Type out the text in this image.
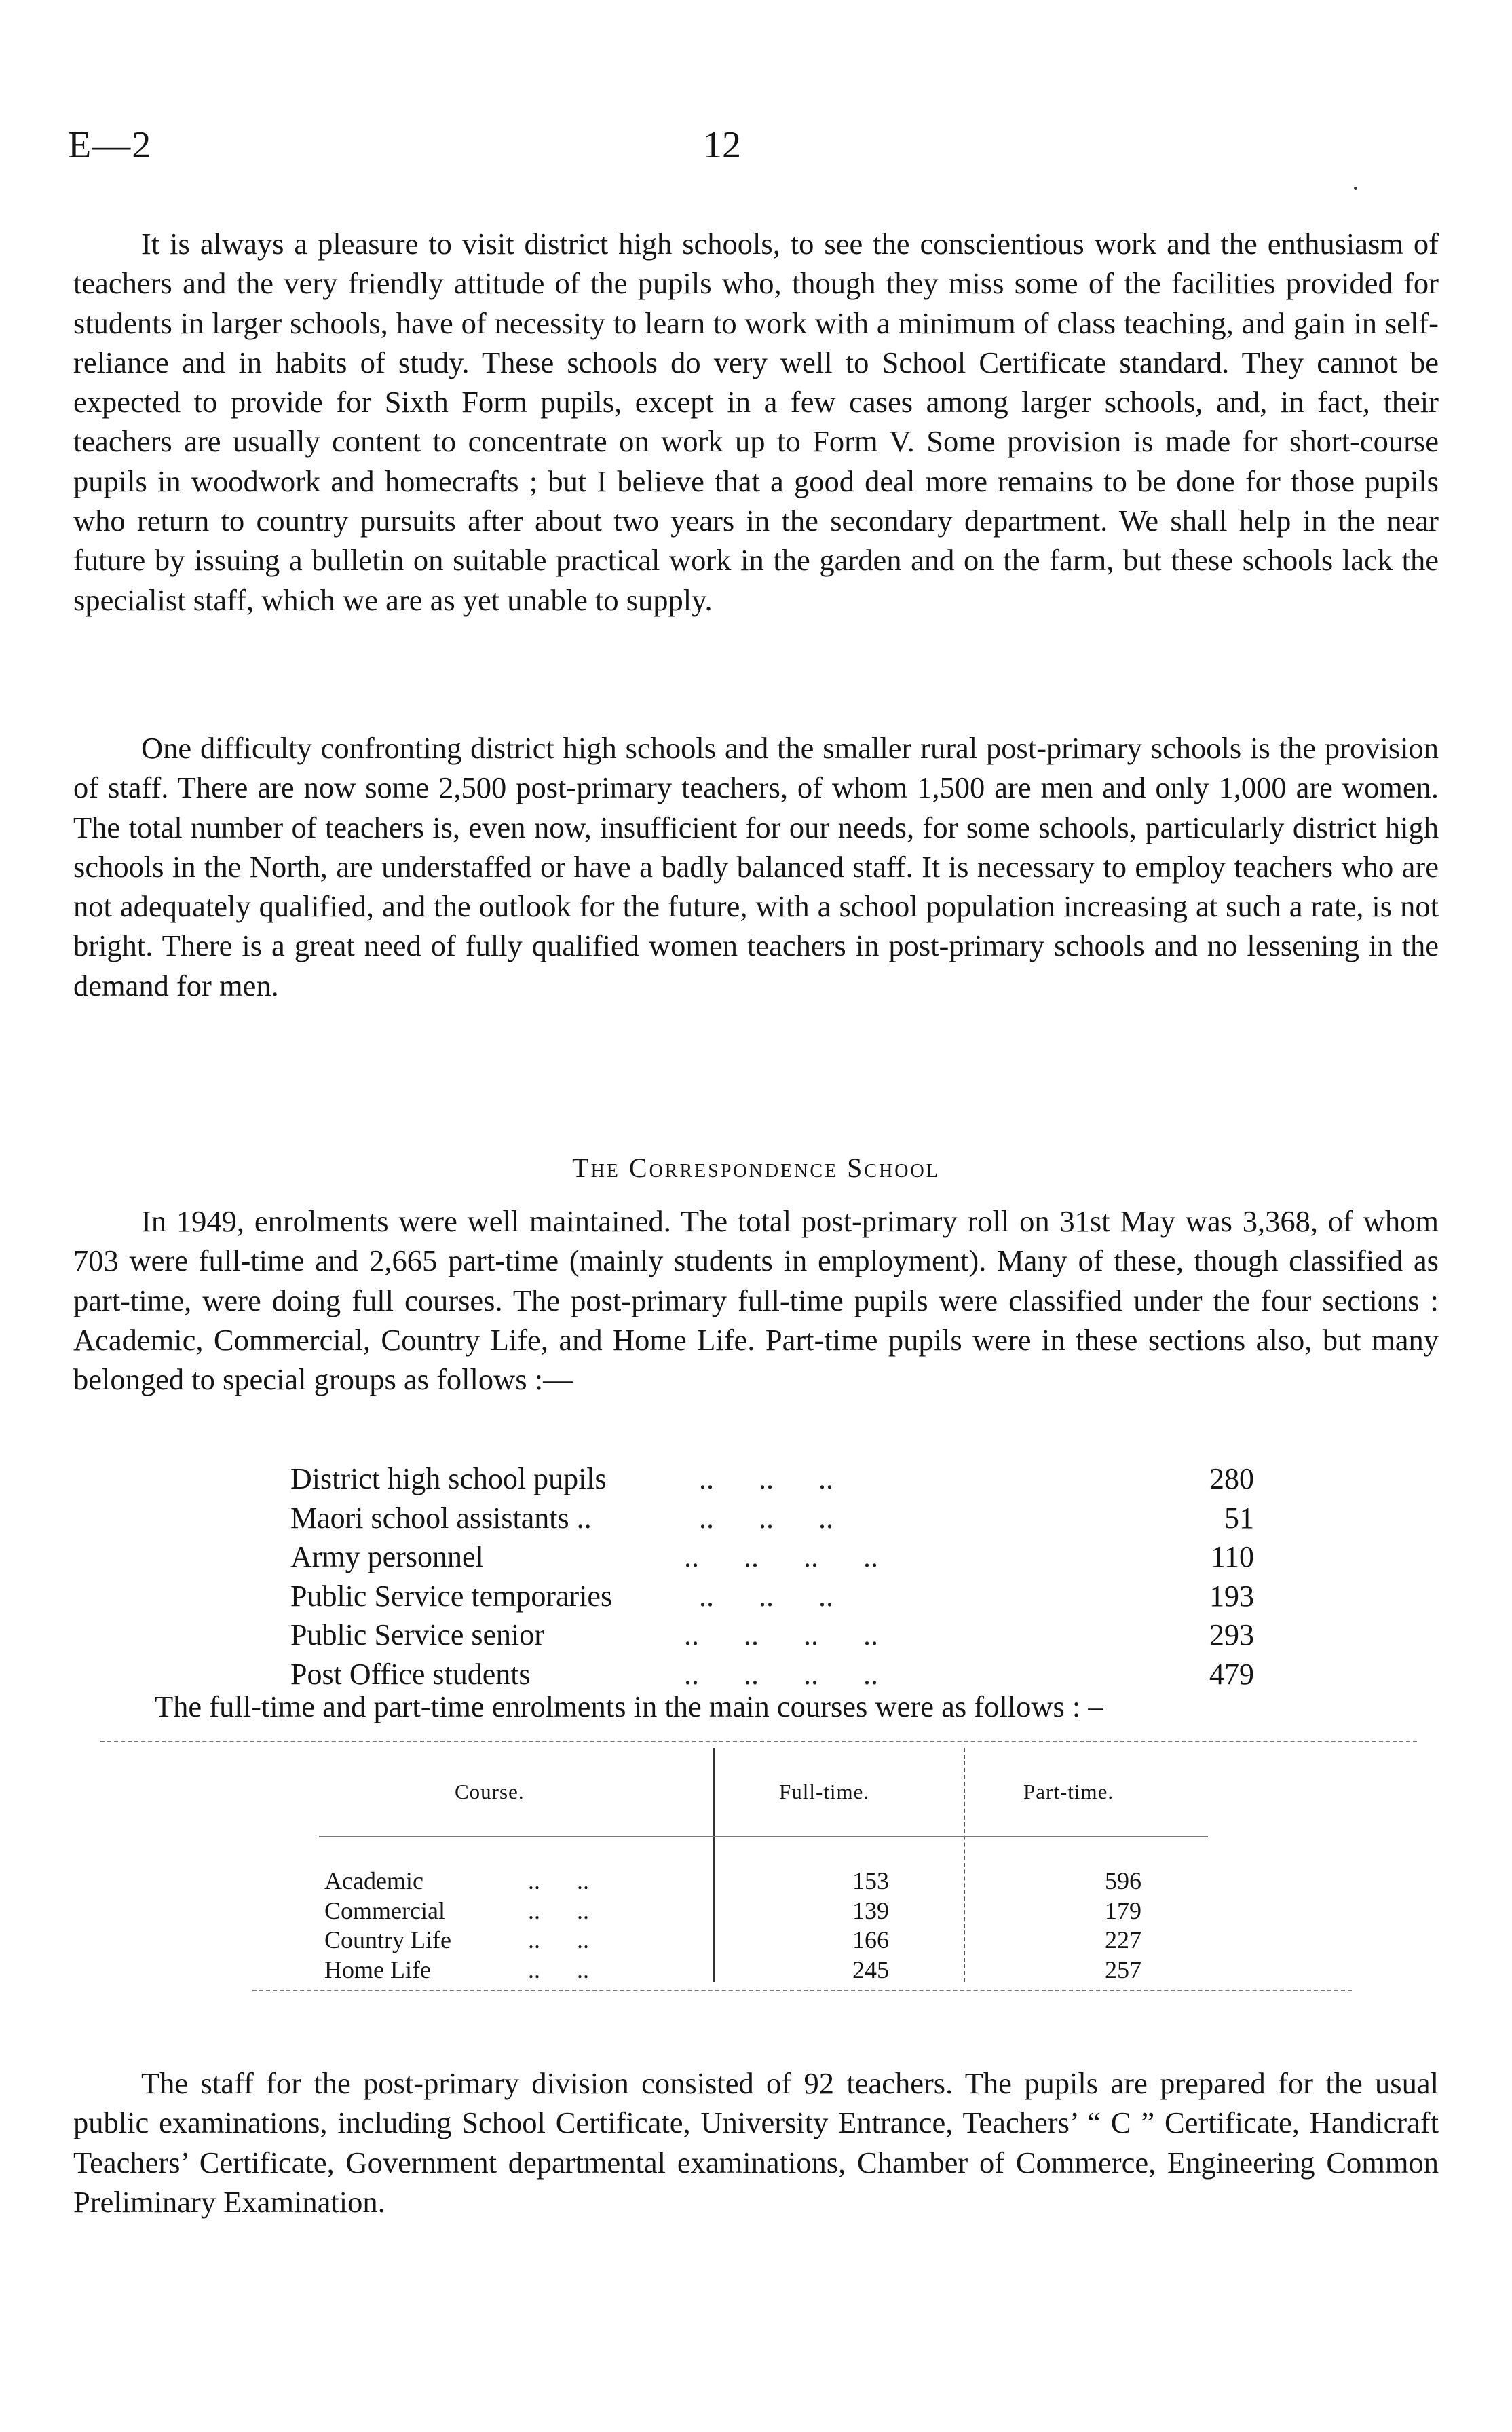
E—2	12

It is always a pleasure to visit district high schools, to see the conscientious work and the enthusiasm of teachers and the very friendly attitude of the pupils who, though they miss some of the facilities provided for students in larger schools, have of necessity to learn to work with a minimum of class teaching, and gain in self-reliance and in habits of study. These schools do very well to School Certificate standard. They cannot be expected to provide for Sixth Form pupils, except in a few cases among larger schools, and, in fact, their teachers are usually content to concentrate on work up to Form V. Some provision is made for short-course pupils in woodwork and homecrafts ; but I believe that a good deal more remains to be done for those pupils who return to country pursuits after about two years in the secondary department. We shall help in the near future by issuing a bulletin on suitable practical work in the garden and on the farm, but these schools lack the specialist staff, which we are as yet unable to supply.

One difficulty confronting district high schools and the smaller rural post-primary schools is the provision of staff. There are now some 2,500 post-primary teachers, of whom 1,500 are men and only 1,000 are women. The total number of teachers is, even now, insufficient for our needs, for some schools, particularly district high schools in the North, are understaffed or have a badly balanced staff. It is necessary to employ teachers who are not adequately qualified, and the outlook for the future, with a school population increasing at such a rate, is not bright. There is a great need of fully qualified women teachers in post-primary schools and no lessening in the demand for men.

The Correspondence School

In 1949, enrolments were well maintained. The total post-primary roll on 31st May was 3,368, of whom 703 were full-time and 2,665 part-time (mainly students in employment). Many of these, though classified as part-time, were doing full courses. The post-primary full-time pupils were classified under the four sections : Academic, Commercial, Country Life, and Home Life. Part-time pupils were in these sections also, but many belonged to special groups as follows :—

District high school pupils	..      ..      ..	280
Maori school assistants ..	..      ..      ..	51
Army personnel	..      ..      ..      ..	110
Public Service temporaries	..      ..      ..	193
Public Service senior	..      ..      ..      ..	293
Post Office students	..      ..      ..      ..	479
The full-time and part-time enrolments in the main courses were as follows : –
Course.	Full-time.	Part-time.
Academic	..      ..	153	596
Commercial	..      ..	139	179
Country Life	..      ..	166	227
Home Life	..      ..	245	257

The staff for the post-primary division consisted of 92 teachers. The pupils are prepared for the usual public examinations, including School Certificate, University Entrance, Teachers’ “ C ” Certificate, Handicraft Teachers’ Certificate, Government departmental examinations, Chamber of Commerce, Engineering Common Preliminary Examination.
